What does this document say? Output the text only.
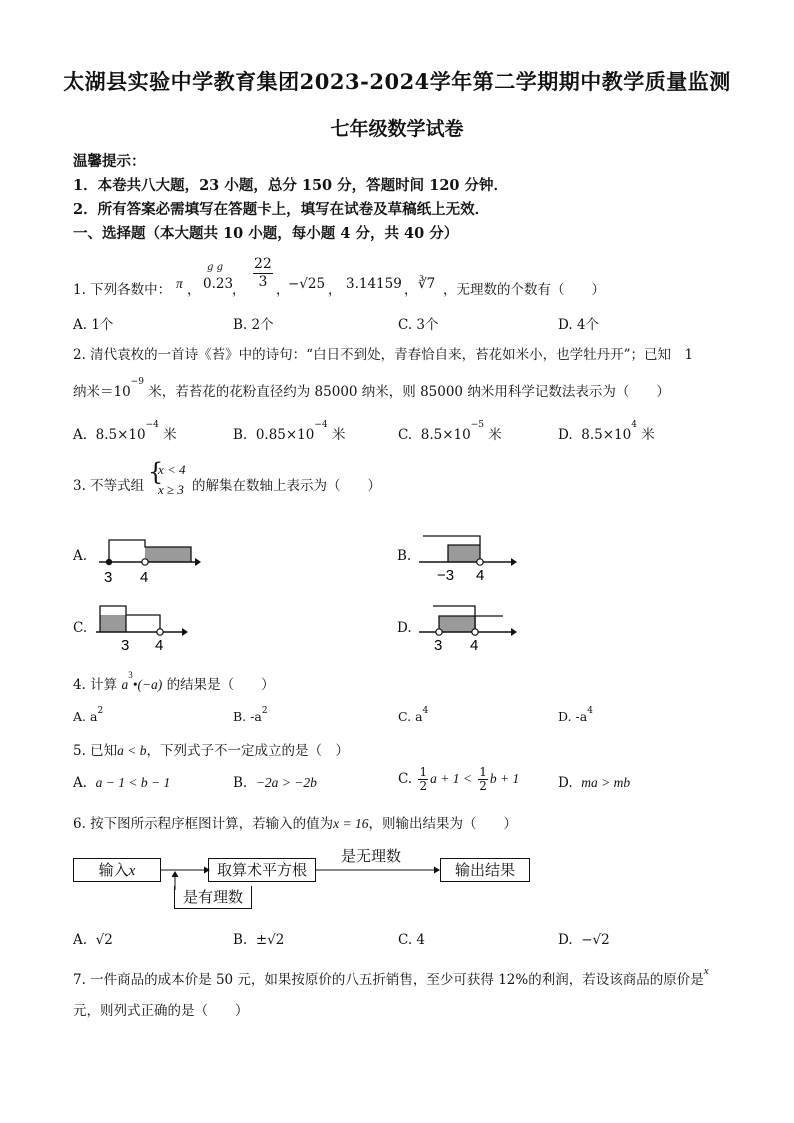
太湖县实验中学教育集团2023-2024学年第二学期期中教学质量监测
七年级数学试卷
温馨提示：
1．本卷共八大题，23 小题，总分 150 分，答题时间 120 分钟．
2．所有答案必需填写在答题卡上，填写在试卷及草稿纸上无效．
一、选择题（本大题共 10 小题，每小题 4 分，共 40 分）
1. 下列各数中： π ，
g g
0.23
， $\frac{22}{3}$ ，
−√25 ， 3.14159 ， ∛7 ，无理数的个数有（　　）
A. 1个	B. 2个	C. 3个	D. 4个
2. 清代袁枚的一首诗《苔》中的诗句：“白日不到处，青春恰自来，苔花如米小，也学牡丹开”；已知　1
纳米$=10^{-9}$ 米，若苔花的花粉直径约为 85000 纳米，则 85000 纳米用科学记数法表示为（　　）
A. $8.5\times 10^{-4}$ 米	B. $0.85\times 10^{-4}$ 米	C. $8.5\times 10^{-5}$ 米	D. $8.5\times 10^4$ 米
3. 不等式组 {
x < 4
x ≥ 3 的解集在数轴上表示为（　　）
A.
3 4
B.
−3 4
C.
3 4
D.
3 4
4. 计算 $a^3•(-a)$ 的结果是（　　）
A. $a^2$	B. $-a^2$	C. $a^4$	D. $-a^4$
5. 已知a < b，下列式子不一定成立的是（　）
A. a − 1 < b − 1	B. −2a > −2b	C. $\frac{1}{2}$ $a + 1 < \frac{1}{2}$ b + 1	D. ma > mb
6. 按下图所示程序框图计算，若输入的值为x = 16，则输出结果为（　　）
输入x	取算术平方根
是无理数
输出结果
是有理数
A. √2	B. ±√2	C. 4	D. −√2
7. 一件商品的成本价是 50 元，如果按原价的八五折销售，至少可获得 12%的利润，若设该商品的原价是$^x$
元，则列式正确的是（　　）
